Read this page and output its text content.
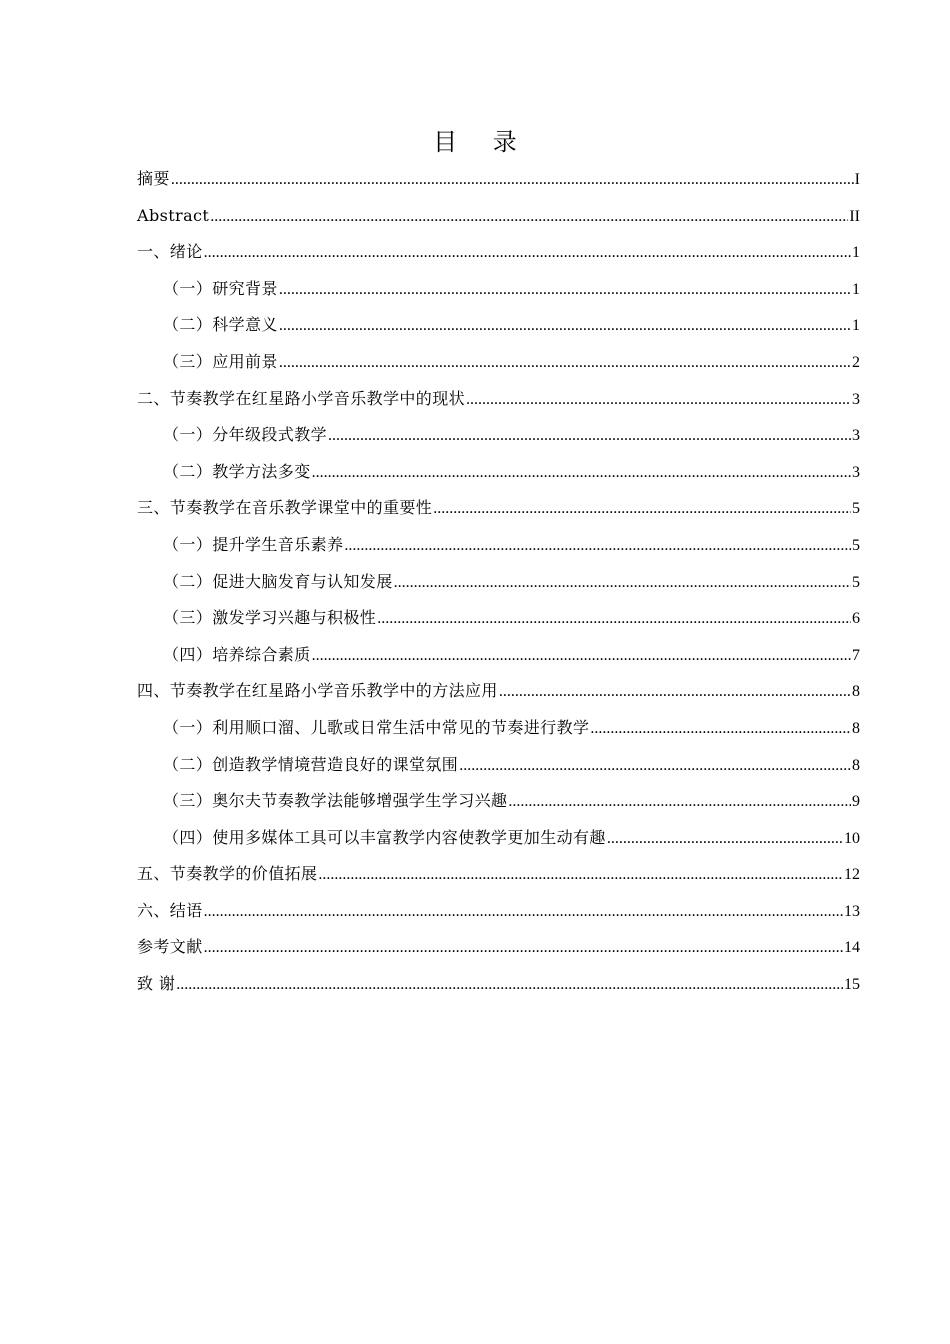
目 录
摘要 .....	I
Abstract .....	II
一、绪论 .....	1
（一）研究背景 .....	1
（二）科学意义 .....	1
（三）应用前景 .....	2
二、节奏教学在红星路小学音乐教学中的现状 .....	3
（一）分年级段式教学 .....	3
（二）教学方法多变 .....	3
三、节奏教学在音乐教学课堂中的重要性 .....	5
（一）提升学生音乐素养 .....	5
（二）促进大脑发育与认知发展 .....	5
（三）激发学习兴趣与积极性 .....	6
（四）培养综合素质 .....	7
四、节奏教学在红星路小学音乐教学中的方法应用 .....	8
（一）利用顺口溜、儿歌或日常生活中常见的节奏进行教学 .....	8
（二）创造教学情境营造良好的课堂氛围 .....	8
（三）奥尔夫节奏教学法能够增强学生学习兴趣 .....	9
（四）使用多媒体工具可以丰富教学内容使教学更加生动有趣 .....	10
五、节奏教学的价值拓展 .....	12
六、结语 .....	13
参考文献 .....	14
致 谢 .....	15
